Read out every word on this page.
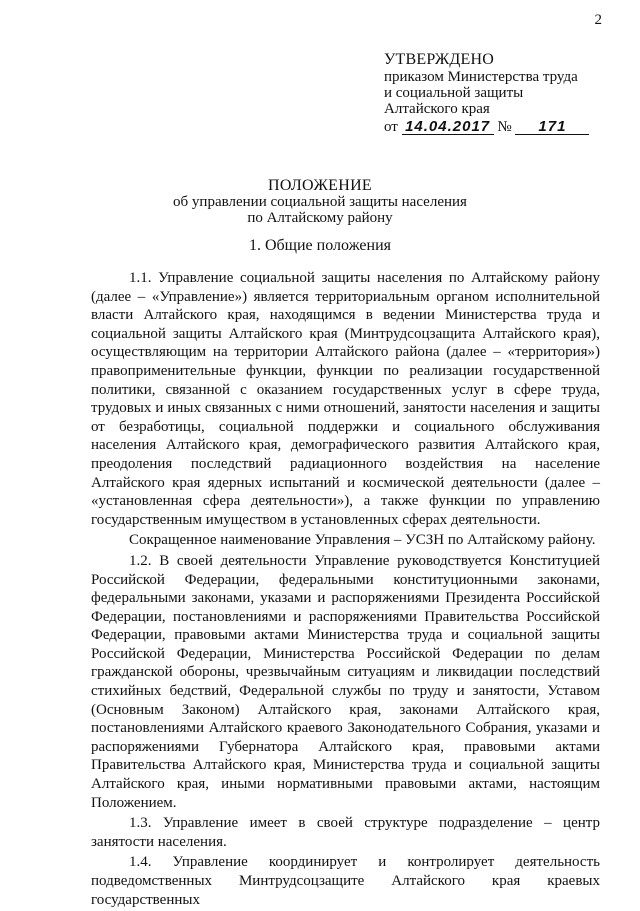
2
УТВЕРЖДЕНО
приказом Министерства труда
и социальной защиты
Алтайского края
от 14.04.2017 № 171
ПОЛОЖЕНИЕ
об управлении социальной защиты населения
по Алтайскому району
1. Общие положения

1.1. Управление социальной защиты населения по Алтайскому району (далее – «Управление») является территориальным органом исполнительной власти Алтайского края, находящимся в ведении Министерства труда и социальной защиты Алтайского края (Минтрудсоцзащита Алтайского края), осуществляющим на территории Алтайского района (далее – «территория») правоприменительные функции, функции по реализации государственной политики, связанной с оказанием государственных услуг в сфере труда, трудовых и иных связанных с ними отношений, занятости населения и защиты от безработицы, социальной поддержки и социального обслуживания населения Алтайского края, демографического развития Алтайского края, преодоления последствий радиационного воздействия на население Алтайского края ядерных испытаний и космической деятельности (далее – «установленная сфера деятельности»), а также функции по управлению государственным имуществом в установленных сферах деятельности.

Сокращенное наименование Управления – УСЗН по Алтайскому району.

1.2. В своей деятельности Управление руководствуется Конституцией Российской Федерации, федеральными конституционными законами, федеральными законами, указами и распоряжениями Президента Российской Федерации, постановлениями и распоряжениями Правительства Российской Федерации, правовыми актами Министерства труда и социальной защиты Российской Федерации, Министерства Российской Федерации по делам гражданской обороны, чрезвычайным ситуациям и ликвидации последствий стихийных бедствий, Федеральной службы по труду и занятости, Уставом (Основным Законом) Алтайского края, законами Алтайского края, постановлениями Алтайского краевого Законодательного Собрания, указами и распоряжениями Губернатора Алтайского края, правовыми актами Правительства Алтайского края, Министерства труда и социальной защиты Алтайского края, иными нормативными правовыми актами, настоящим Положением.

1.3. Управление имеет в своей структуре подразделение – центр занятости населения.

1.4. Управление координирует и контролирует деятельность подведомственных Минтрудсоцзащите Алтайского края краевых государственных
